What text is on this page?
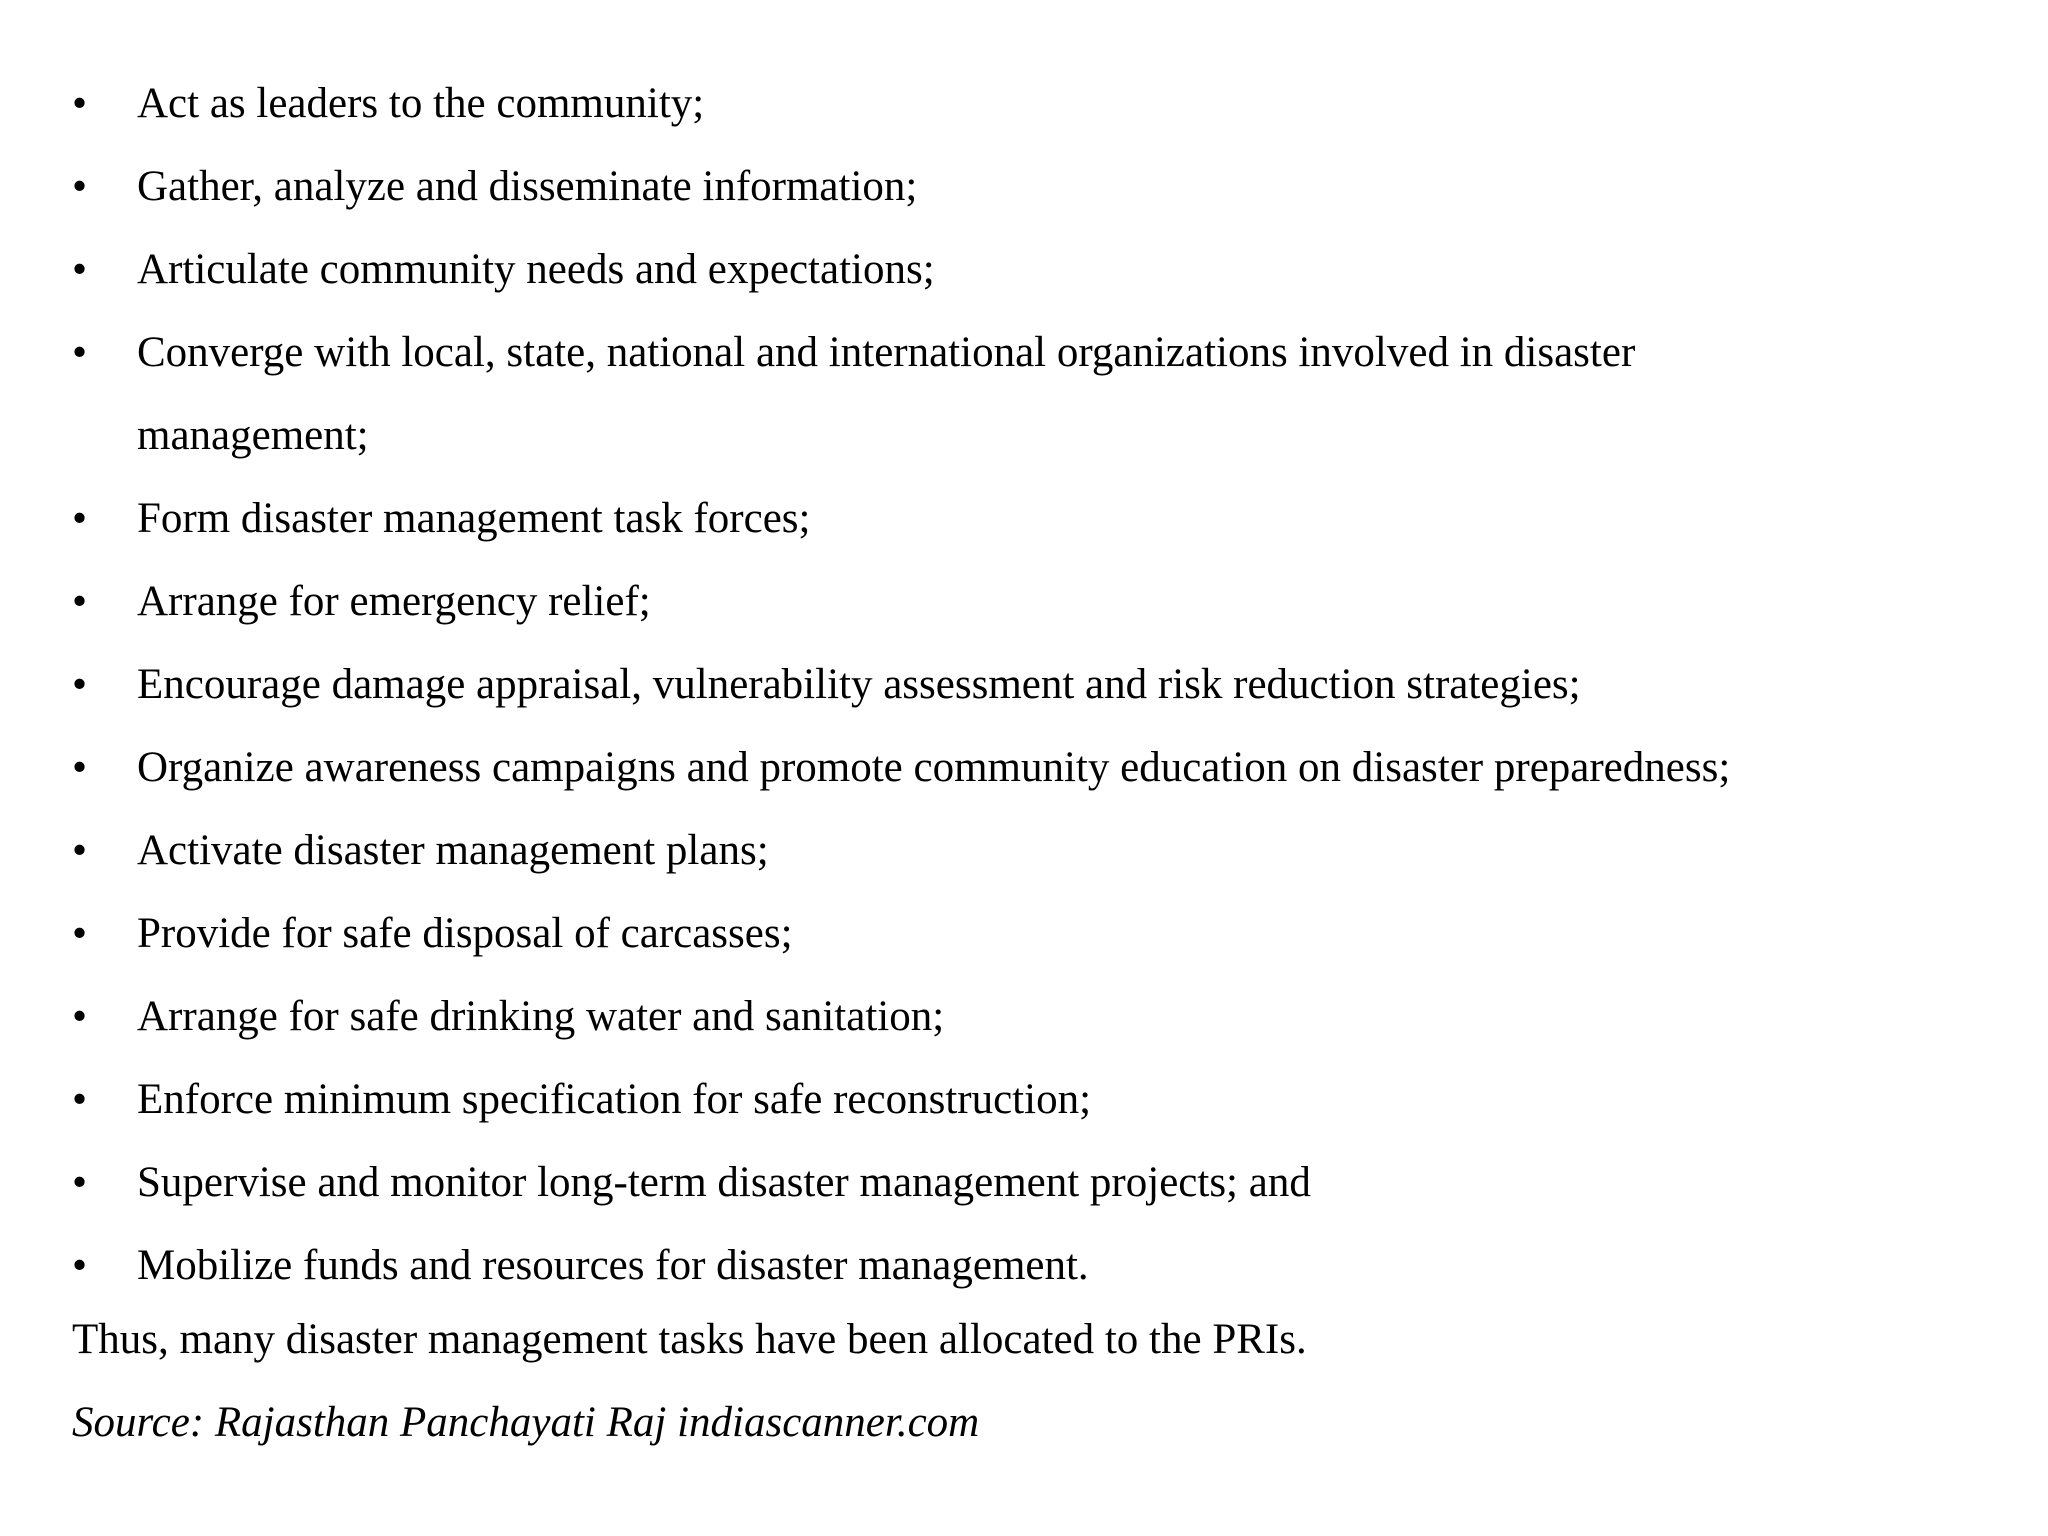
•	Act as leaders to the community;
•	Gather, analyze and disseminate information;
•	Articulate community needs and expectations;
•	Converge with local, state, national and international organizations involved in disaster management;
•	Form disaster management task forces;
•	Arrange for emergency relief;
•	Encourage damage appraisal, vulnerability assessment and risk reduction strategies;
•	Organize awareness campaigns and promote community education on disaster preparedness;
•	Activate disaster management plans;
•	Provide for safe disposal of carcasses;
•	Arrange for safe drinking water and sanitation;
•	Enforce minimum specification for safe reconstruction;
•	Supervise and monitor long-term disaster management projects; and
•	Mobilize funds and resources for disaster management.

Thus, many disaster management tasks have been allocated to the PRIs.

Source: Rajasthan Panchayati Raj indiascanner.com
